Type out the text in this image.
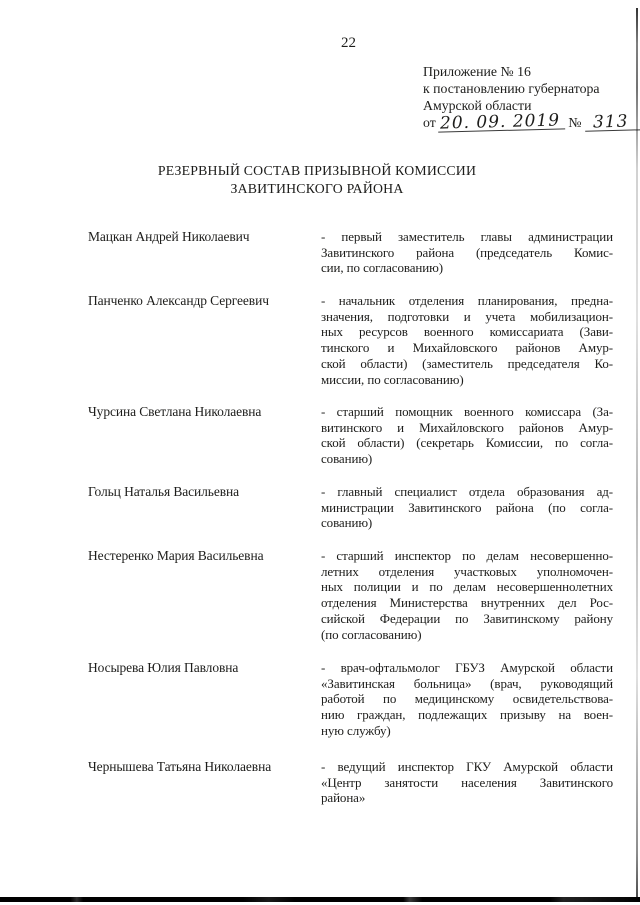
22
Приложение № 16
к постановлению губернатора
Амурской области
от 20. 09. 2019 № 313
РЕЗЕРВНЫЙ СОСТАВ ПРИЗЫВНОЙ КОМИССИИ
ЗАВИТИНСКОГО РАЙОНА
Мацкан Андрей Николаевич	- первый заместитель главы администрации
Завитинского района (председатель Комис-
сии, по согласованию)
Панченко Александр Сергеевич	- начальник отделения планирования, предна-
значения, подготовки и учета мобилизацион-
ных ресурсов военного комиссариата (Зави-
тинского и Михайловского районов Амур-
ской области) (заместитель председателя Ко-
миссии, по согласованию)
Чурсина Светлана Николаевна	- старший помощник военного комиссара (За-
витинского и Михайловского районов Амур-
ской области) (секретарь Комиссии, по согла-
сованию)
Гольц Наталья Васильевна	- главный специалист отдела образования ад-
министрации Завитинского района (по согла-
сованию)
Нестеренко Мария Васильевна	- старший инспектор по делам несовершенно-
летних отделения участковых уполномочен-
ных полиции и по делам несовершеннолетних
отделения Министерства внутренних дел Рос-
сийской Федерации по Завитинскому району
(по согласованию)
Носырева Юлия Павловна	- врач-офтальмолог ГБУЗ Амурской области
«Завитинская больница» (врач, руководящий
работой по медицинскому освидетельствова-
нию граждан, подлежащих призыву на воен-
ную службу)
Чернышева Татьяна Николаевна	- ведущий инспектор ГКУ Амурской области
«Центр занятости населения Завитинского
района»
